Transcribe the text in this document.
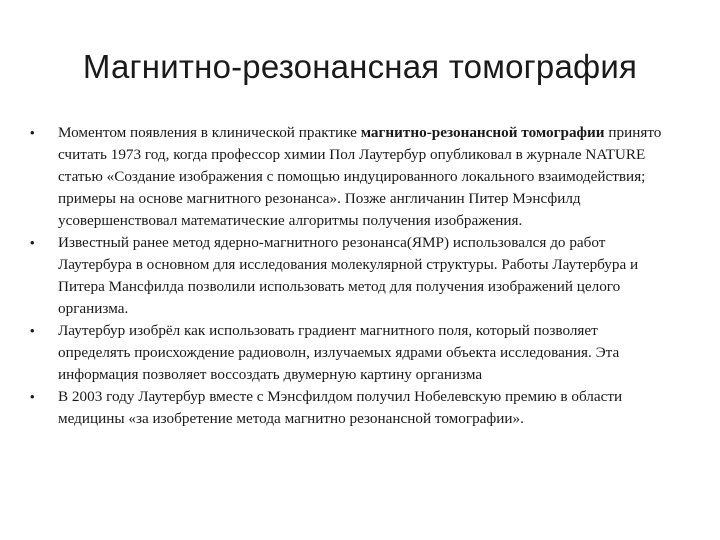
Магнитно-резонансная томография

• Моментом появления в клинической практике магнитно-резонансной томографии принято считать 1973 год, когда профессор химии Пол Лаутербур опубликовал в журнале NATURE статью «Создание изображения с помощью индуцированного локального взаимодействия; примеры на основе магнитного резонанса». Позже англичанин Питер Мэнсфилд усовершенствовал математические алгоритмы получения изображения.

• Известный ранее метод ядерно-магнитного резонанса(ЯМР) использовался до работ Лаутербура в основном для исследования молекулярной структуры. Работы Лаутербура и Питера Мансфилда позволили использовать метод для получения изображений целого организма.

• Лаутербур изобрёл как использовать градиент магнитного поля, который позволяет определять происхождение радиоволн, излучаемых ядрами объекта исследования. Эта информация позволяет воссоздать двумерную картину организма

• В 2003 году Лаутербур вместе с Мэнсфилдом получил Нобелевскую премию в области медицины «за изобретение метода магнитно резонансной томографии».
